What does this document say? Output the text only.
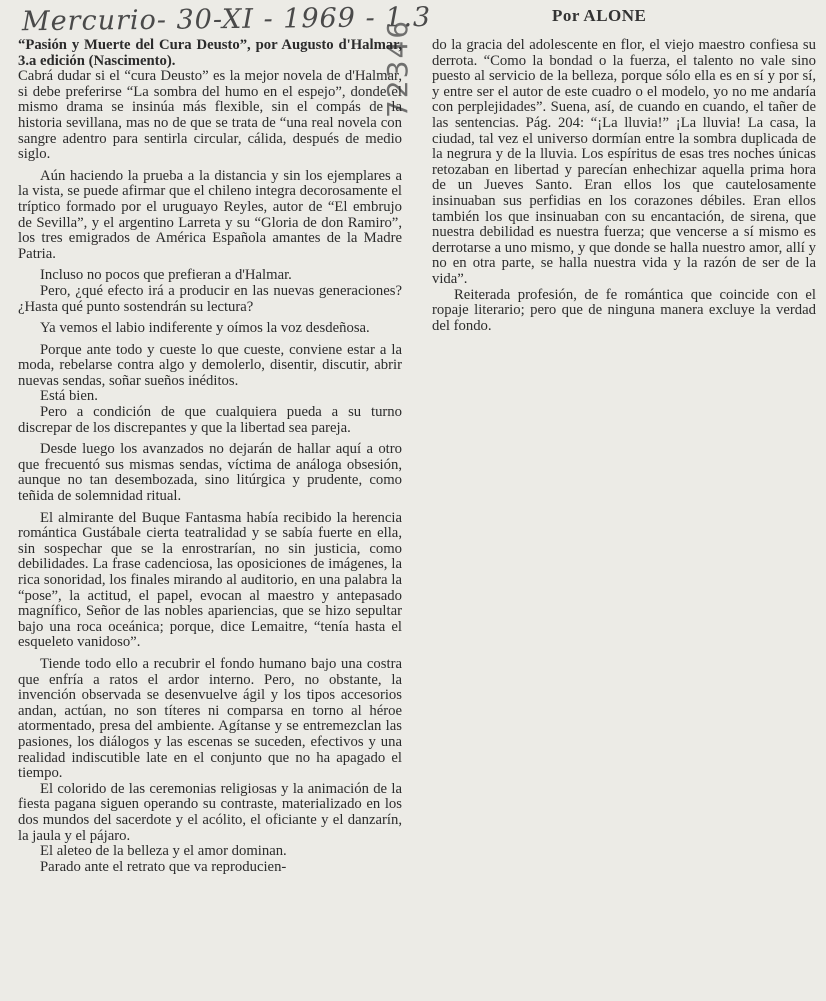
Mercurio- 30-XI - 1969 - 1.3	Por ALONE
72346

“Pasión y Muerte del Cura Deusto”, por Augusto d'Halmar, 3.a edición (Nascimento).

Cabrá dudar si el “cura Deusto” es la mejor novela de d'Halmar, si debe preferirse “La sombra del humo en el espejo”, donde el mismo drama se insinúa más flexible, sin el compás de la historia sevillana, mas no de que se trata de “una real novela con sangre adentro para sentirla circular, cálida, después de medio siglo.

Aún haciendo la prueba a la distancia y sin los ejemplares a la vista, se puede afirmar que el chileno integra decorosamente el tríptico formado por el uruguayo Reyles, autor de “El embrujo de Sevilla”, y el argentino Larreta y su “Gloria de don Ramiro”, los tres emigrados de América Española amantes de la Madre Patria.

Incluso no pocos que prefieran a d'Halmar.

Pero, ¿qué efecto irá a producir en las nuevas generaciones? ¿Hasta qué punto sostendrán su lectura?

Ya vemos el labio indiferente y oímos la voz desdeñosa.

Porque ante todo y cueste lo que cueste, conviene estar a la moda, rebelarse contra algo y demolerlo, disentir, discutir, abrir nuevas sendas, soñar sueños inéditos.

Está bien.

Pero a condición de que cualquiera pueda a su turno discrepar de los discrepantes y que la libertad sea pareja.

Desde luego los avanzados no dejarán de hallar aquí a otro que frecuentó sus mismas sendas, víctima de análoga obsesión, aunque no tan desembozada, sino litúrgica y prudente, como teñida de solemnidad ritual.

El almirante del Buque Fantasma había recibido la herencia romántica Gustábale cierta teatralidad y se sabía fuerte en ella, sin sospechar que se la enrostrarían, no sin justicia, como debilidades. La frase cadenciosa, las oposiciones de imágenes, la rica sonoridad, los finales mirando al auditorio, en una palabra la “pose”, la actitud, el papel, evocan al maestro y antepasado magnífico, Señor de las nobles apariencias, que se hizo sepultar bajo una roca oceánica; porque, dice Lemaitre, “tenía hasta el esqueleto vanidoso”.

Tiende todo ello a recubrir el fondo humano bajo una costra que enfría a ratos el ardor interno. Pero, no obstante, la invención observada se desenvuelve ágil y los tipos accesorios andan, actúan, no son títeres ni comparsa en torno al héroe atormentado, presa del ambiente. Agítanse y se entremezclan las pasiones, los diálogos y las escenas se suceden, efectivos y una realidad indiscutible late en el conjunto que no ha apagado el tiempo.

El colorido de las ceremonias religiosas y la animación de la fiesta pagana siguen operando su contraste, materializado en los dos mundos del sacerdote y el acólito, el oficiante y el danzarín, la jaula y el pájaro.

El aleteo de la belleza y el amor dominan.

Parado ante el retrato que va reproducien-

do la gracia del adolescente en flor, el viejo maestro confiesa su derrota. “Como la bondad o la fuerza, el talento no vale sino puesto al servicio de la belleza, porque sólo ella es en sí y por sí, y entre ser el autor de este cuadro o el modelo, yo no me andaría con perplejidades”. Suena, así, de cuando en cuando, el tañer de las sentencias. Pág. 204: “¡La lluvia!” ¡La lluvia! La casa, la ciudad, tal vez el universo dormían entre la sombra duplicada de la negrura y de la lluvia. Los espíritus de esas tres noches únicas retozaban en libertad y parecían enhechizar aquella prima hora de un Jueves Santo. Eran ellos los que cautelosamente insinuaban sus perfidias en los corazones débiles. Eran ellos también los que insinuaban con su encantación, de sirena, que nuestra debilidad es nuestra fuerza; que vencerse a sí mismo es derrotarse a uno mismo, y que donde se halla nuestro amor, allí y no en otra parte, se halla nuestra vida y la razón de ser de la vida”.

Reiterada profesión, de fe romántica que coincide con el ropaje literario; pero que de ninguna manera excluye la verdad del fondo.
